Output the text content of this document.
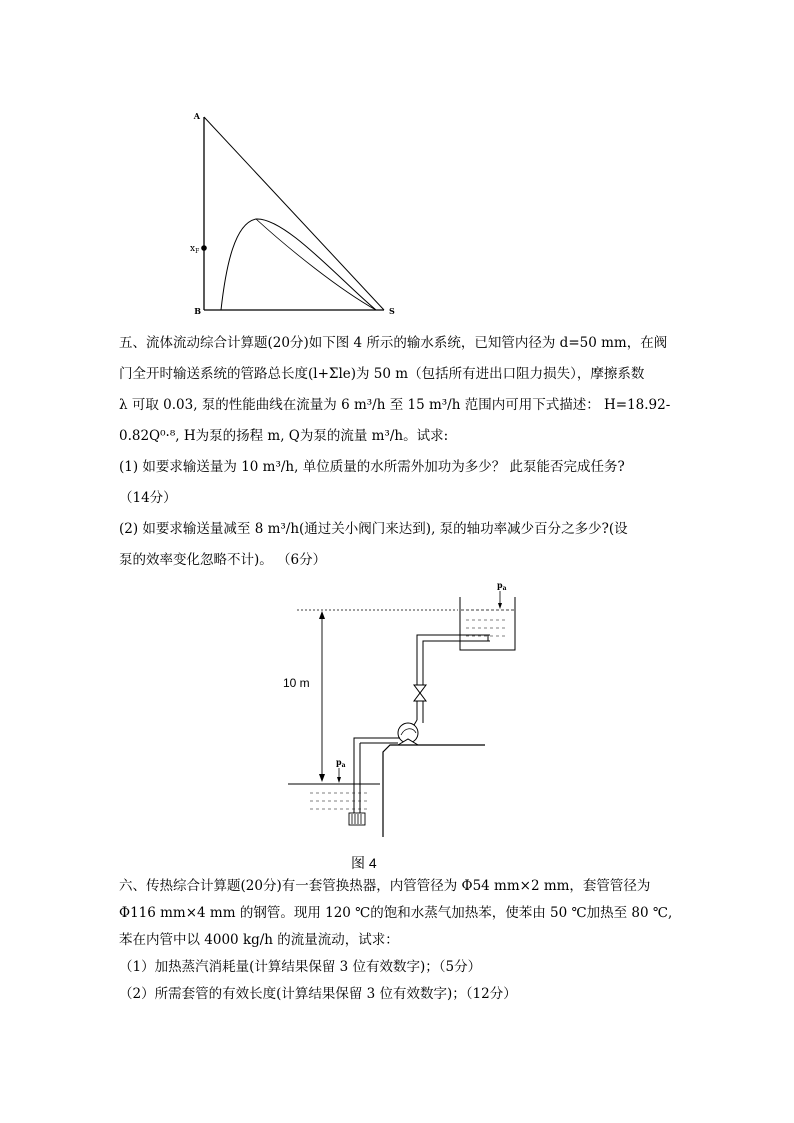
A
B	S
$x_F$
五、流体流动综合计算题(20分)如下图 4 所示的输水系统，已知管内径为 d=50 mm，在阀
门全开时输送系统的管路总长度(l+Σle)为 50 m（包括所有进出口阻力损失），摩擦系数
λ 可取 0.03, 泵的性能曲线在流量为 6 m³/h 至 15 m³/h 范围内可用下式描述： H=18.92-
0.82Q⁰·⁸, H为泵的扬程 m, Q为泵的流量 m³/h。试求:
(1) 如要求输送量为 10 m³/h, 单位质量的水所需外加功为多少？ 此泵能否完成任务?
（14分）
(2) 如要求输送量减至 8 m³/h(通过关小阀门来达到), 泵的轴功率减少百分之多少?(设
泵的效率变化忽略不计)。 （6分）
10 m
$p_a$
$p_a$
图 4
六、传热综合计算题(20分)有一套管换热器，内管管径为 Φ54 mm×2 mm，套管管径为
Φ116 mm×4 mm 的钢管。现用 120 ℃的饱和水蒸气加热苯，使苯由 50 ℃加热至 80 ℃,
苯在内管中以 4000 kg/h 的流量流动，试求：
（1）加热蒸汽消耗量(计算结果保留 3 位有效数字)；（5分）
（2）所需套管的有效长度(计算结果保留 3 位有效数字)；（12分）
